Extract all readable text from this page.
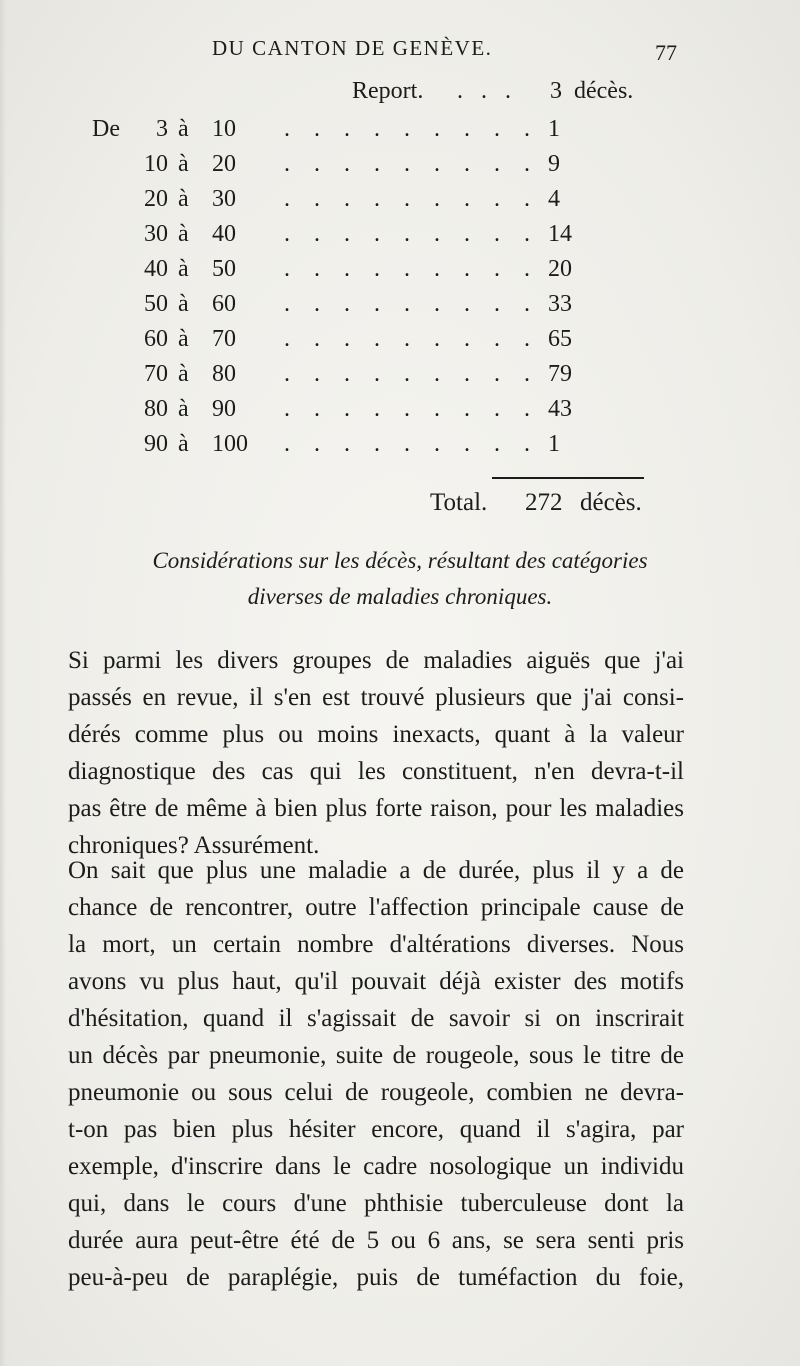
DU CANTON DE GENÈVE.	77
Report. . . . 3 décès.
De	3 à 10 . . . . . . . . . 1
10 à 20 . . . . . . . . . 9
20 à 30 . . . . . . . . . 4
30 à 40 . . . . . . . . . 14
40 à 50 . . . . . . . . . 20
50 à 60 . . . . . . . . . 33
60 à 70 . . . . . . . . . 65
70 à 80 . . . . . . . . . 79
80 à 90 . . . . . . . . . 43
90 à 100 . . . . . . . . . 1
Total. 272 décès.
Considérations sur les décès, résultant des catégories
diverses de maladies chroniques.
Si parmi les divers groupes de maladies aiguës que j'ai
passés en revue, il s'en est trouvé plusieurs que j'ai consi-
dérés comme plus ou moins inexacts, quant à la valeur
diagnostique des cas qui les constituent, n'en devra-t-il
pas être de même à bien plus forte raison, pour les maladies
chroniques? Assurément.
On sait que plus une maladie a de durée, plus il y a de
chance de rencontrer, outre l'affection principale cause de
la mort, un certain nombre d'altérations diverses. Nous
avons vu plus haut, qu'il pouvait déjà exister des motifs
d'hésitation, quand il s'agissait de savoir si on inscrirait
un décès par pneumonie, suite de rougeole, sous le titre de
pneumonie ou sous celui de rougeole, combien ne devra-
t-on pas bien plus hésiter encore, quand il s'agira, par
exemple, d'inscrire dans le cadre nosologique un individu
qui, dans le cours d'une phthisie tuberculeuse dont la
durée aura peut-être été de 5 ou 6 ans, se sera senti pris
peu-à-peu de paraplégie, puis de tuméfaction du foie,
